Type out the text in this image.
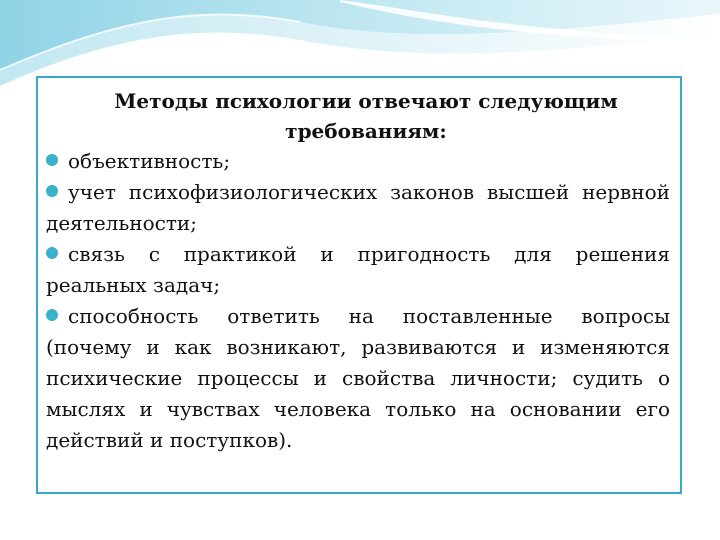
Методы психологии отвечают следующим
требованиям:
объективность;
учет психофизиологических законов высшей нервной деятельности;
связь с практикой и пригодность для решения реальных задач;
способность ответить на поставленные вопросы (почему и как возникают, развиваются и изменяются психические процессы и свойства личности; судить о мыслях и чувствах человека только на основании его действий и поступков).
